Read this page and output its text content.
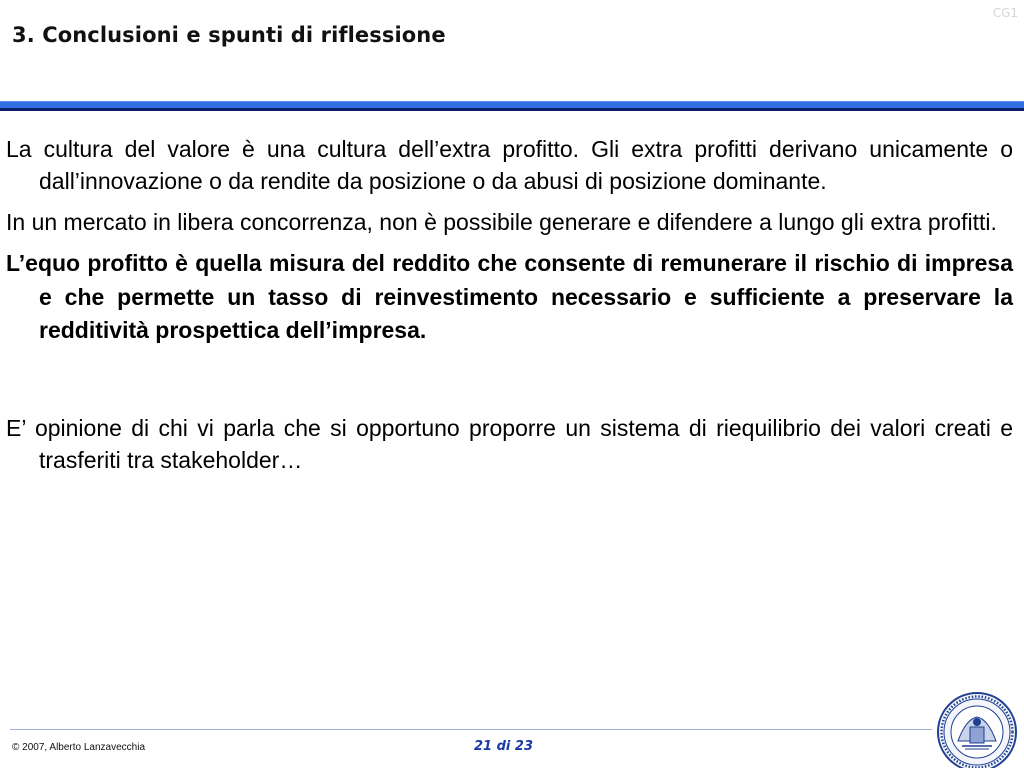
CG1
3. Conclusioni e spunti di riflessione

La cultura del valore è una cultura dell’extra profitto. Gli extra profitti derivano unicamente o dall’innovazione o da rendite da posizione o da abusi di posizione dominante.

In un mercato in libera concorrenza, non è possibile generare e difendere a lungo gli extra profitti.

L’equo profitto è quella misura del reddito che consente di remunerare il rischio di impresa e che permette un tasso di reinvestimento necessario e sufficiente a preservare la redditività prospettica dell’impresa.

E’ opinione di chi vi parla che si opportuno proporre un sistema di riequilibrio dei valori creati e trasferiti tra stakeholder…

© 2007, Alberto Lanzavecchia	21 di 23
